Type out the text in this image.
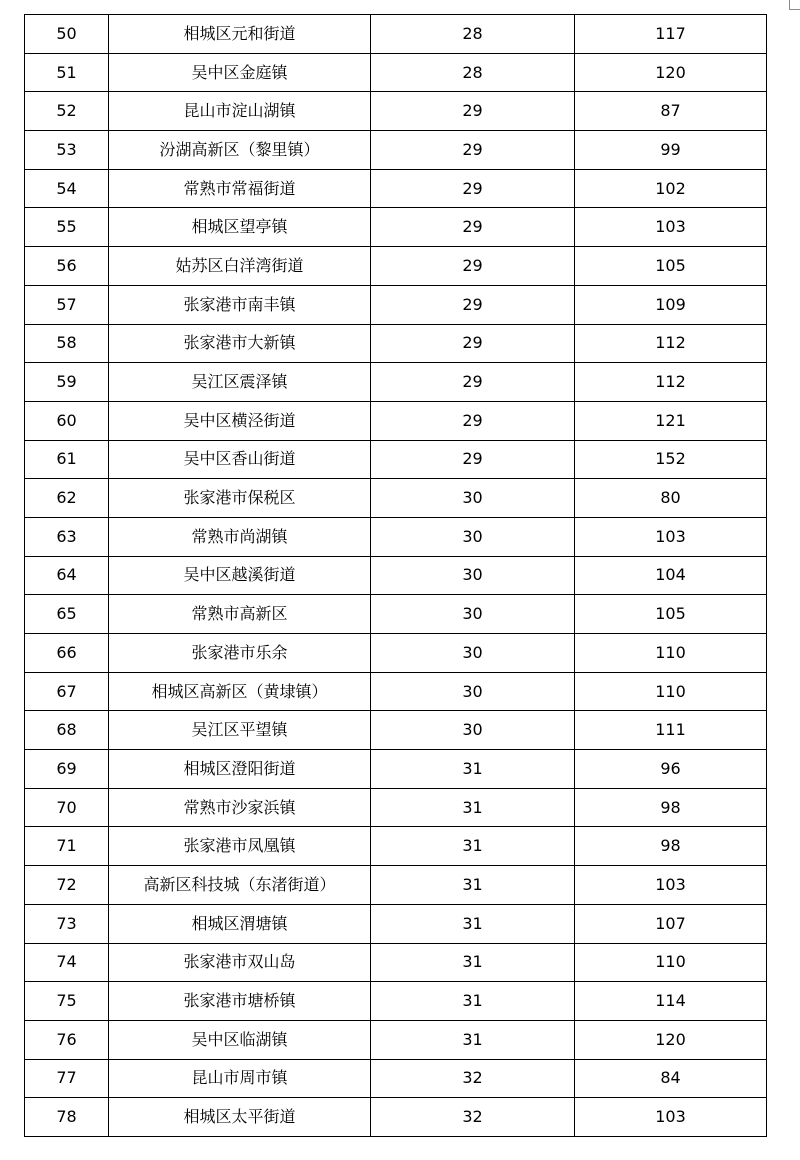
50	相城区元和街道	28	117
51	吴中区金庭镇	28	120
52	昆山市淀山湖镇	29	87
53	汾湖高新区（黎里镇）	29	99
54	常熟市常福街道	29	102
55	相城区望亭镇	29	103
56	姑苏区白洋湾街道	29	105
57	张家港市南丰镇	29	109
58	张家港市大新镇	29	112
59	吴江区震泽镇	29	112
60	吴中区横泾街道	29	121
61	吴中区香山街道	29	152
62	张家港市保税区	30	80
63	常熟市尚湖镇	30	103
64	吴中区越溪街道	30	104
65	常熟市高新区	30	105
66	张家港市乐余	30	110
67	相城区高新区（黄埭镇）	30	110
68	吴江区平望镇	30	111
69	相城区澄阳街道	31	96
70	常熟市沙家浜镇	31	98
71	张家港市凤凰镇	31	98
72	高新区科技城（东渚街道）	31	103
73	相城区渭塘镇	31	107
74	张家港市双山岛	31	110
75	张家港市塘桥镇	31	114
76	吴中区临湖镇	31	120
77	昆山市周市镇	32	84
78	相城区太平街道	32	103
